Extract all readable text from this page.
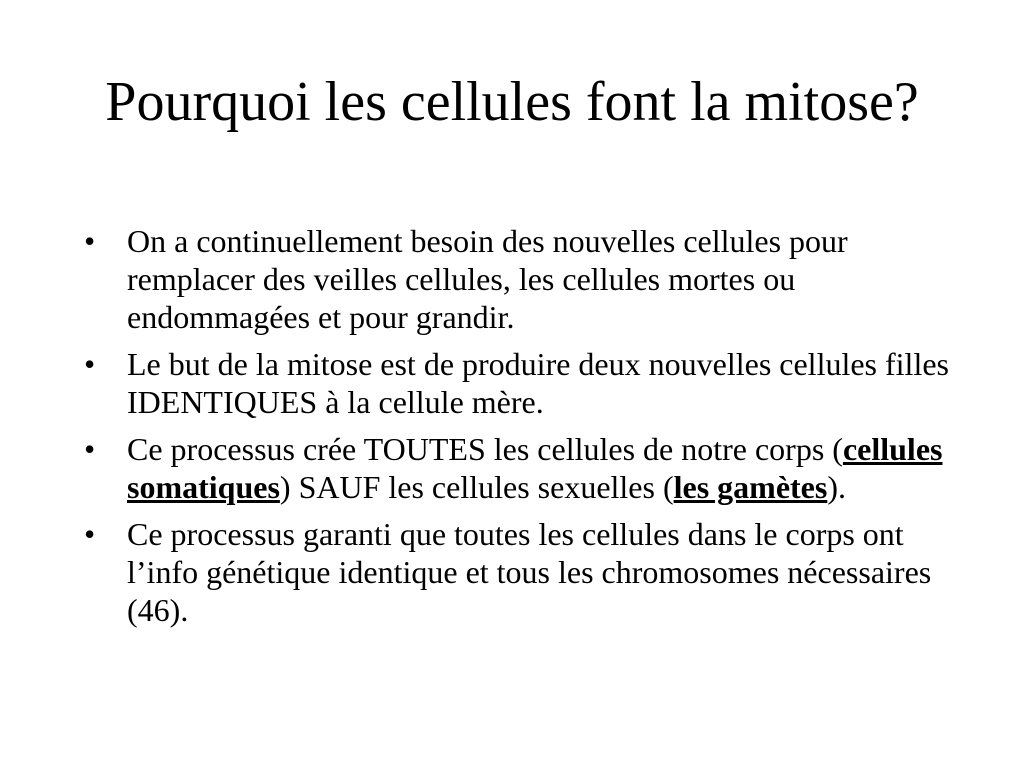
Pourquoi les cellules font la mitose?
• On a continuellement besoin des nouvelles cellules pour remplacer des veilles cellules, les cellules mortes ou endommagées et pour grandir.
• Le but de la mitose est de produire deux nouvelles cellules filles IDENTIQUES à la cellule mère.
• Ce processus crée TOUTES les cellules de notre corps (cellules somatiques) SAUF les cellules sexuelles (les gamètes).
• Ce processus garanti que toutes les cellules dans le corps ont l’info génétique identique et tous les chromosomes nécessaires (46).
